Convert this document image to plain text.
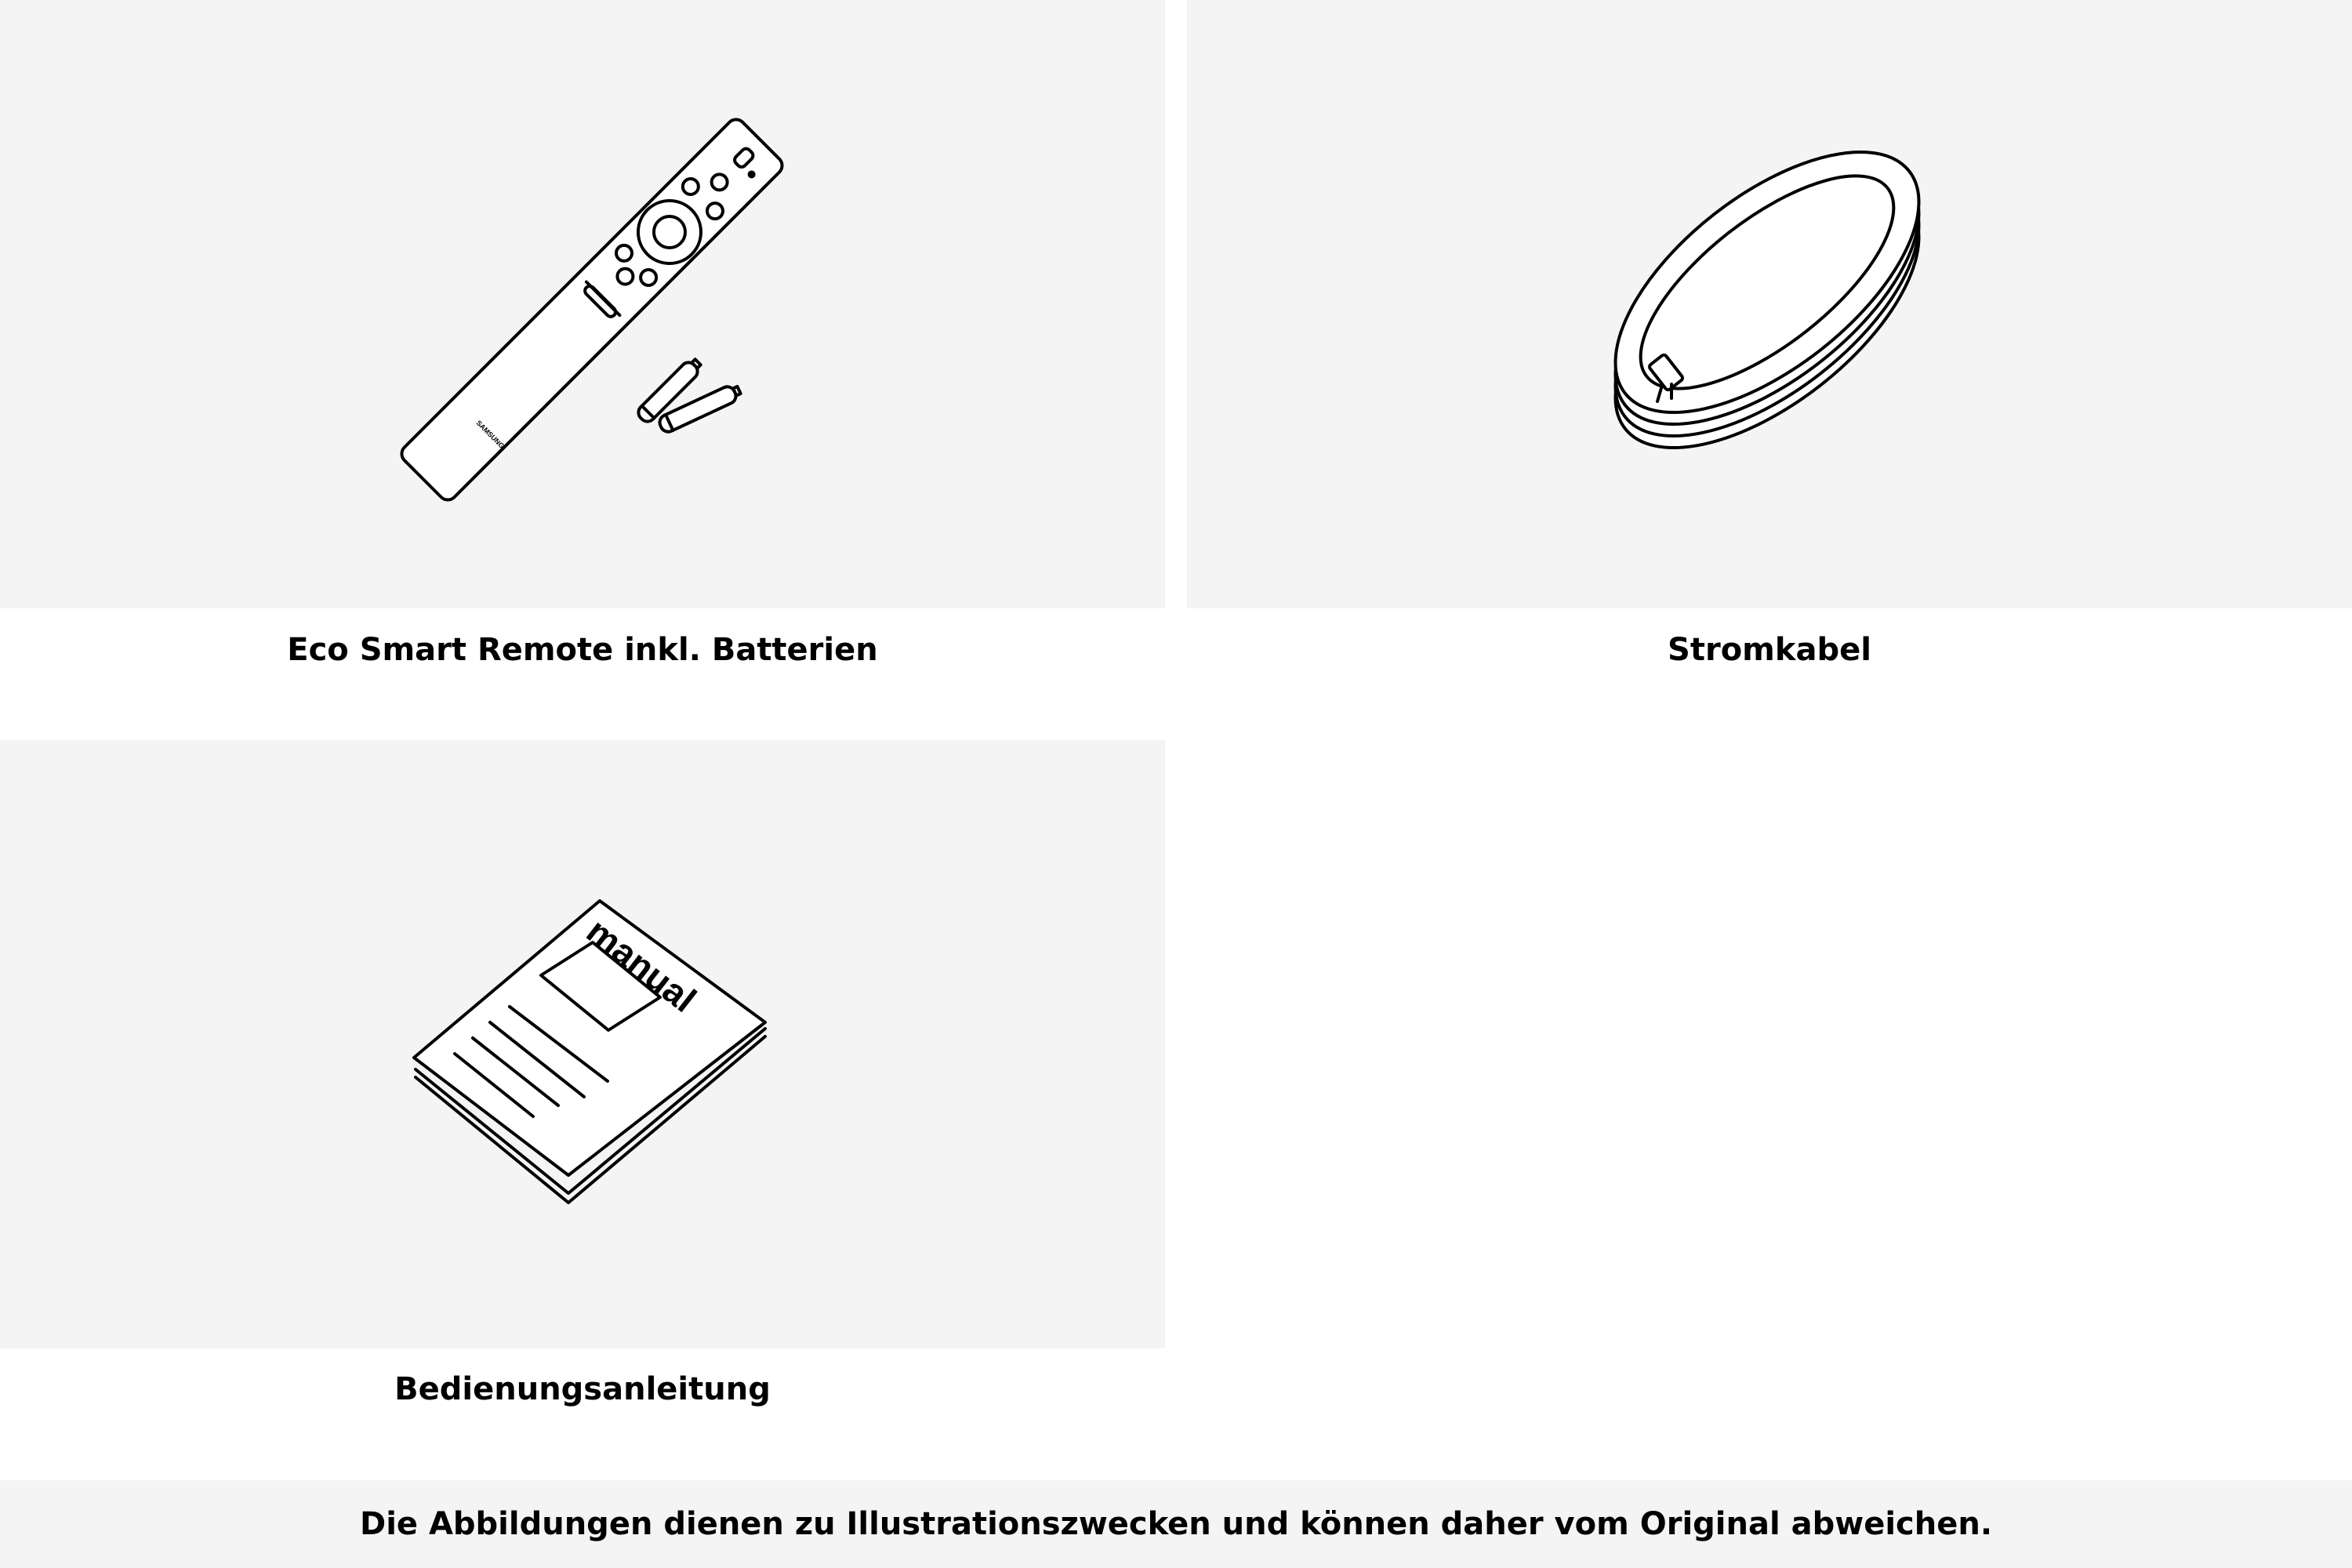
SAMSUNG
Eco Smart Remote inkl. Batterien	Stromkabel
manual
Bedienungsanleitung
Die Abbildungen dienen zu Illustrationszwecken und können daher vom Original abweichen.
